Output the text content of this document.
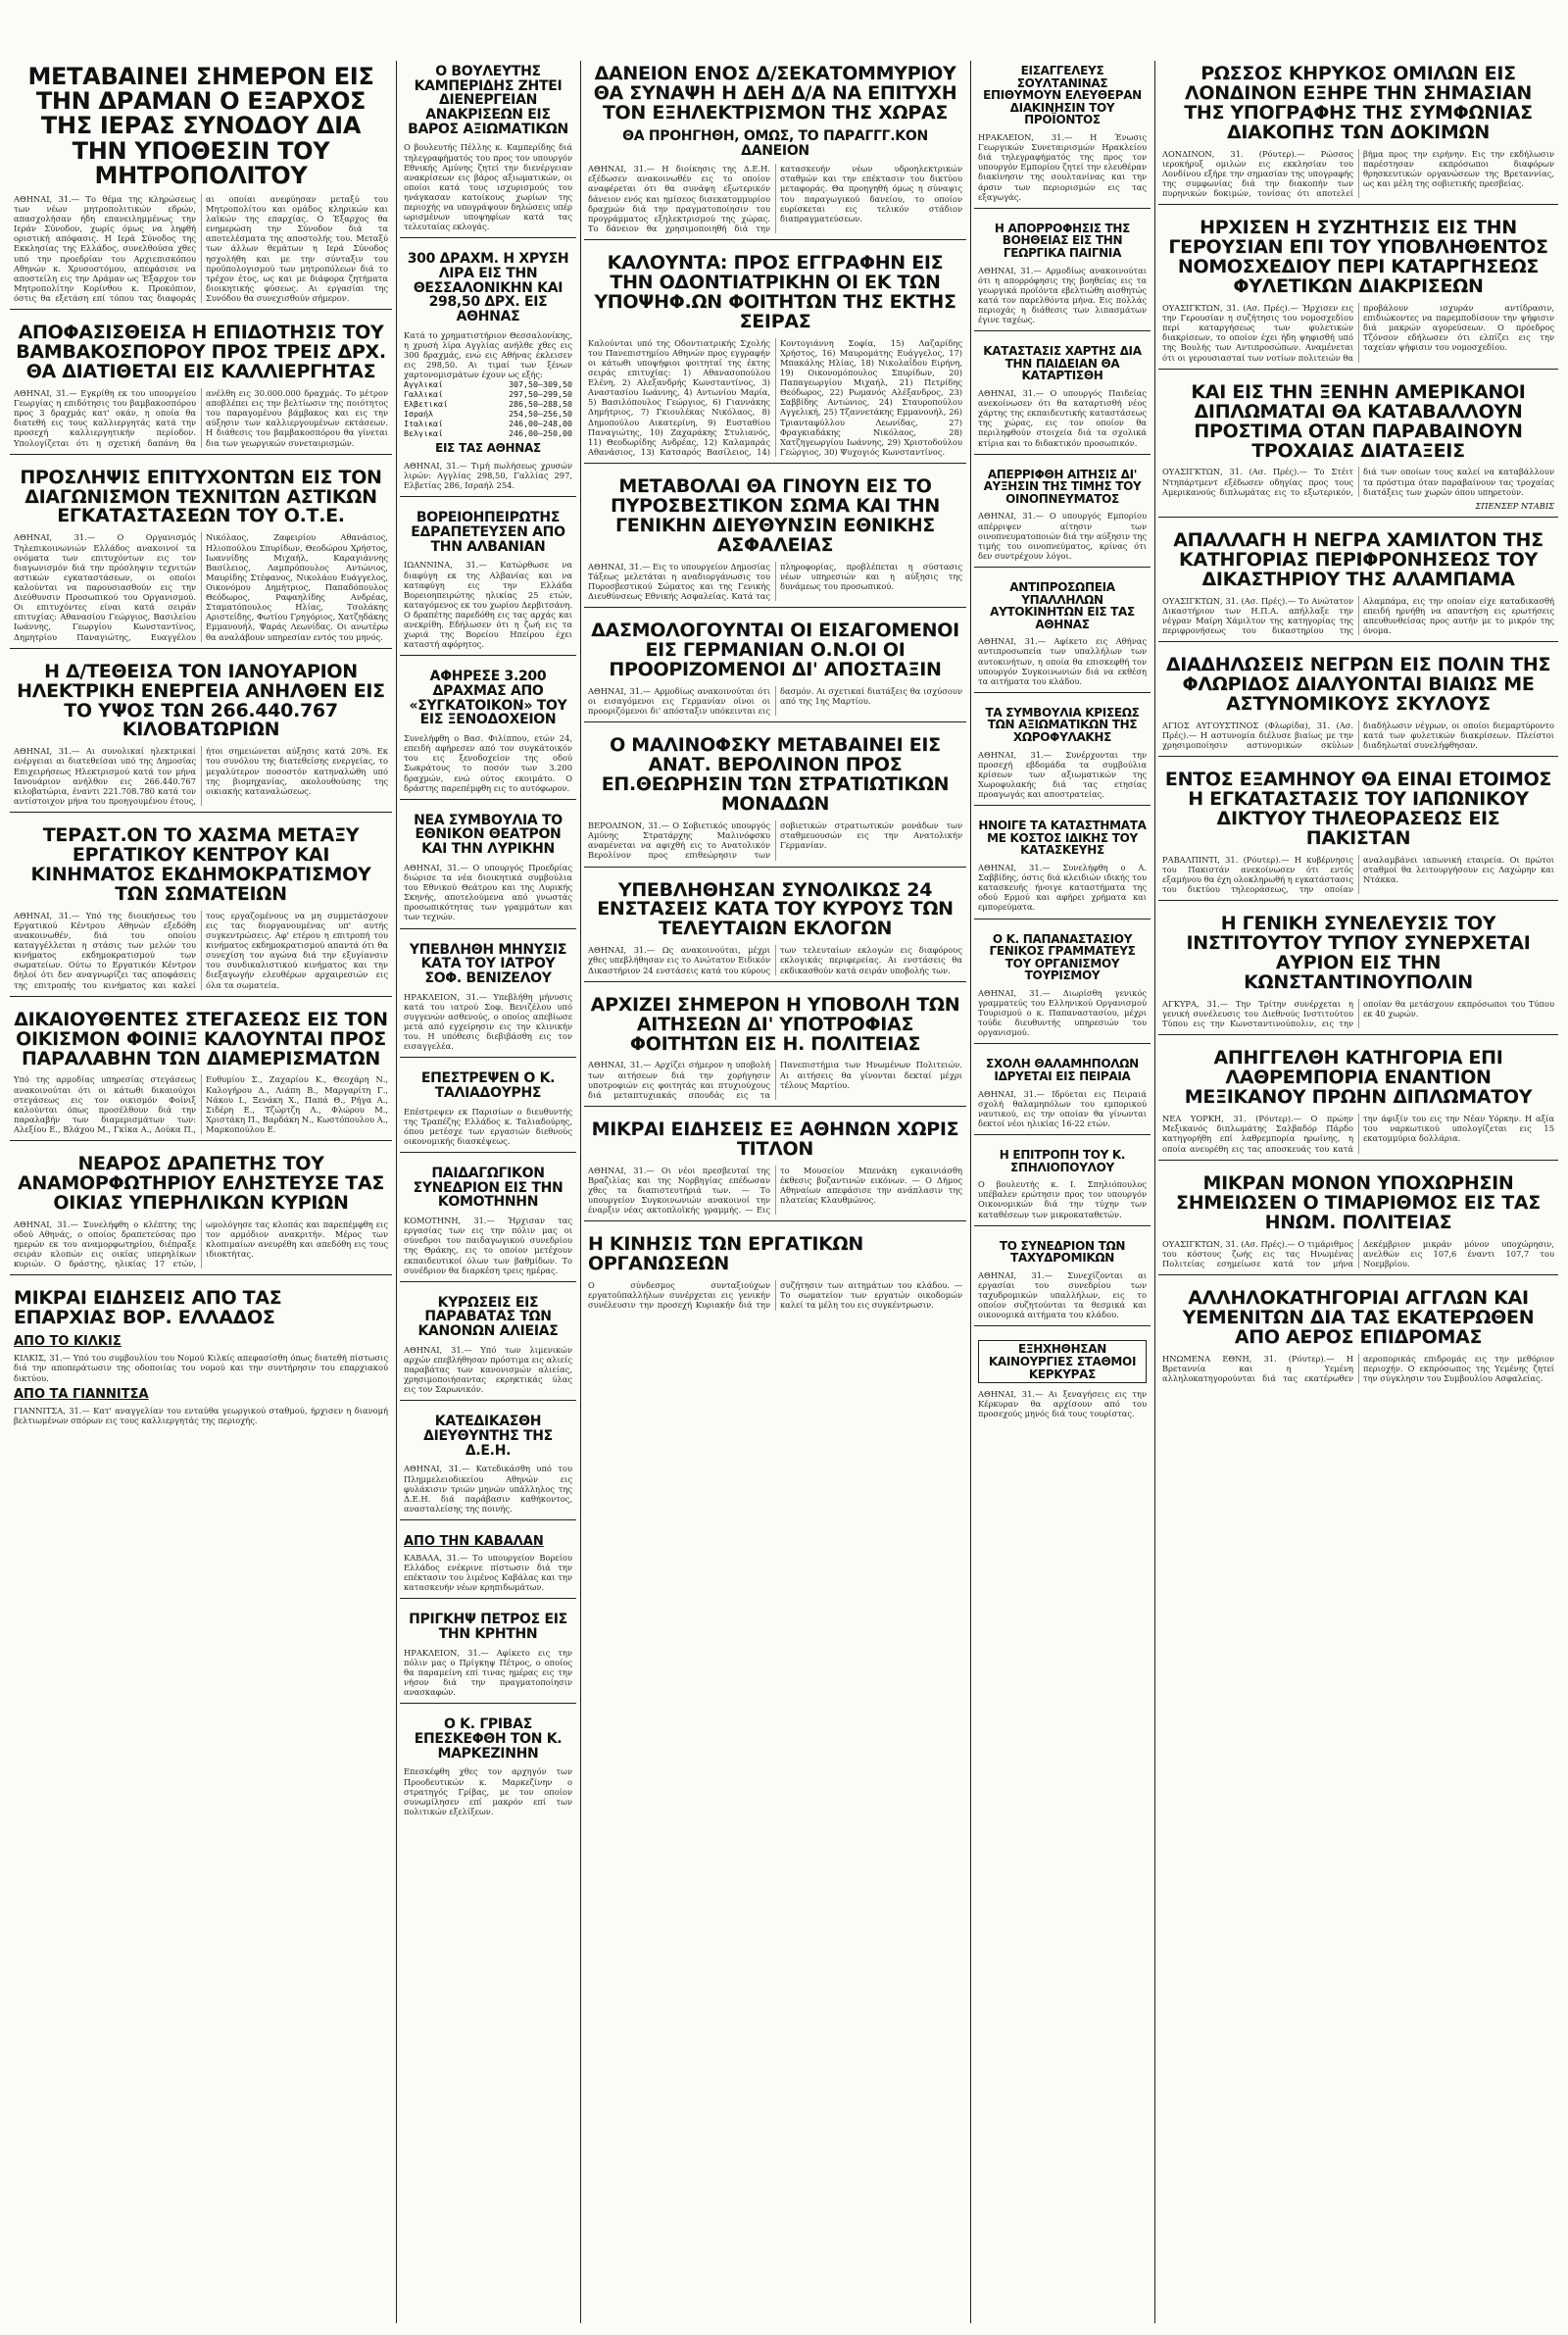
ΜΕΤΑΒΑΙΝΕΙ ΣΗΜΕΡΟΝ ΕΙΣ ΤΗΝ ΔΡΑΜΑΝ Ο ΕΞΑΡΧΟΣ ΤΗΣ ΙΕΡΑΣ ΣΥΝΟΔΟΥ ΔΙΑ ΤΗΝ ΥΠΟΘΕΣΙΝ ΤΟΥ ΜΗΤΡΟΠΟΛΙΤΟΥ

ΑΘΗΝΑΙ, 31.— Το θέμα της κληρώσεως των νέων μητροπολιτικών εδρών, απασχολήσαν ήδη επανειλημμένως την Ιεράν Σύνοδον, χωρίς όμως να ληφθή οριστική απόφασις. Η Ιερά Σύνοδος της Εκκλησίας της Ελλάδος, συνελθούσα χθες υπό την προεδρίαν του Αρχιεπισκόπου Αθηνών κ. Χρυσοστόμου, απεφάσισε να αποστείλη εις την Δράμαν ως Έξαρχον τον Μητροπολίτην Κορίνθου κ. Προκόπιον, όστις θα εξετάση επί τόπου τας διαφοράς αι οποίαι ανεφύησαν μεταξύ του Μητροπολίτου και ομάδος κληρικών και λαϊκών της επαρχίας. Ο Έξαρχος θα ενημερώση την Σύνοδον διά τα αποτελέσματα της αποστολής του. Μεταξύ των άλλων θεμάτων η Ιερά Σύνοδος ησχολήθη και με την σύνταξιν του προϋπολογισμού των μητροπόλεων διά το τρέχον έτος, ως και με διάφορα ζητήματα διοικητικής φύσεως. Αι εργασίαι της Συνόδου θα συνεχισθούν σήμερον.

ΑΠΟΦΑΣΙΣΘΕΙΣΑ Η ΕΠΙΔΟΤΗΣΙΣ ΤΟΥ ΒΑΜΒΑΚΟΣΠΟΡΟΥ ΠΡΟΣ ΤΡΕΙΣ ΔΡΧ. ΘΑ ΔΙΑΤΙΘΕΤΑΙ ΕΙΣ ΚΑΛΛΙΕΡΓΗΤΑΣ

ΑΘΗΝΑΙ, 31.— Εγκρίθη εκ του υπουργείου Γεωργίας η επιδότησις του βαμβακοσπόρου προς 3 δραχμάς κατ' οκάν, η οποία θα διατεθή εις τους καλλιεργητάς κατά την προσεχή καλλιεργητικήν περίοδον. Υπολογίζεται ότι η σχετική δαπάνη θα ανέλθη εις 30.000.000 δραχμάς. Το μέτρον αποβλέπει εις την βελτίωσιν της ποιότητος του παραγομένου βάμβακος και εις την αύξησιν των καλλιεργουμένων εκτάσεων. Η διάθεσις του βαμβακοσπόρου θα γίνεται δια των γεωργικών συνεταιρισμών.

ΠΡΟΣΛΗΨΙΣ ΕΠΙΤΥΧΟΝΤΩΝ ΕΙΣ ΤΟΝ ΔΙΑΓΩΝΙΣΜΟΝ ΤΕΧΝΙΤΩΝ ΑΣΤΙΚΩΝ ΕΓΚΑΤΑΣΤΑΣΕΩΝ ΤΟΥ Ο.Τ.Ε.

ΑΘΗΝΑΙ, 31.— Ο Οργανισμός Τηλεπικοινωνιών Ελλάδος ανακοινοί τα ονόματα των επιτυχόντων εις τον διαγωνισμόν διά την πρόσληψιν τεχνιτών αστικών εγκαταστάσεων, οι οποίοι καλούνται να παρουσιασθούν εις την Διεύθυνσιν Προσωπικού του Οργανισμού. Οι επιτυχόντες είναι κατά σειράν επιτυχίας: Αθανασίου Γεώργιος, Βασιλείου Ιωάννης, Γεωργίου Κωνσταντίνος, Δημητρίου Παναγιώτης, Ευαγγέλου Νικόλαος, Ζαφειρίου Αθανάσιος, Ηλιοπούλου Σπυρίδων, Θεοδώρου Χρήστος, Ιωαννίδης Μιχαήλ, Καραγιάννης Βασίλειος, Λαμπρόπουλος Αντώνιος, Μαυρίδης Στέφανος, Νικολάου Ευάγγελος, Οικονόμου Δημήτριος, Παπαδόπουλος Θεόδωρος, Ραφαηλίδης Ανδρέας, Σταματόπουλος Ηλίας, Τσολάκης Αριστείδης, Φωτίου Γρηγόριος, Χατζηδάκης Εμμανουήλ, Ψαράς Λεωνίδας. Οι ανωτέρω θα αναλάβουν υπηρεσίαν εντός του μηνός.

Η Δ/ΤΕΘΕΙΣΑ ΤΟΝ ΙΑΝΟΥΑΡΙΟΝ ΗΛΕΚΤΡΙΚΗ ΕΝΕΡΓΕΙΑ ΑΝΗΛΘΕΝ ΕΙΣ ΤΟ ΥΨΟΣ ΤΩΝ 266.440.767 ΚΙΛΟΒΑΤΩΡΙΩΝ

ΑΘΗΝΑΙ, 31.— Αι συνολικαί ηλεκτρικαί ενέργειαι αι διατεθείσαι υπό της Δημοσίας Επιχειρήσεως Ηλεκτρισμού κατά τον μήνα Ιανουάριον ανήλθον εις 266.440.767 κιλοβατώρια, έναντι 221.708.780 κατά τον αντίστοιχον μήνα του προηγουμένου έτους, ήτοι σημειώνεται αύξησις κατά 20%. Εκ του συνόλου της διατεθείσης ενεργείας, το μεγαλύτερον ποσοστόν κατηναλώθη υπό της βιομηχανίας, ακολουθούσης της οικιακής καταναλώσεως.

ΤΕΡΑΣΤ.ΟΝ ΤΟ ΧΑΣΜΑ ΜΕΤΑΞΥ ΕΡΓΑΤΙΚΟΥ ΚΕΝΤΡΟΥ ΚΑΙ ΚΙΝΗΜΑΤΟΣ ΕΚΔΗΜΟΚΡΑΤΙΣΜΟΥ ΤΩΝ ΣΩΜΑΤΕΙΩΝ

ΑΘΗΝΑΙ, 31.— Υπό της διοικήσεως του Εργατικού Κέντρου Αθηνών εξεδόθη ανακοινωθέν, διά του οποίου καταγγέλλεται η στάσις των μελών του κινήματος εκδημοκρατισμού των σωματείων. Ούτω το Εργατικόν Κέντρον δηλοί ότι δεν αναγνωρίζει τας αποφάσεις της επιτροπής του κινήματος και καλεί τους εργαζομένους να μη συμμετάσχουν εις τας διοργανουμένας υπ' αυτής συγκεντρώσεις. Αφ' ετέρου η επιτροπή του κινήματος εκδημοκρατισμού απαντά ότι θα συνεχίση τον αγώνα διά την εξυγίανσιν του συνδικαλιστικού κινήματος και την διεξαγωγήν ελευθέρων αρχαιρεσιών εις όλα τα σωματεία.

ΔΙΚΑΙΟΥΘΕΝΤΕΣ ΣΤΕΓΑΣΕΩΣ ΕΙΣ ΤΟΝ ΟΙΚΙΣΜΟΝ ΦΟΙΝΙΞ ΚΑΛΟΥΝΤΑΙ ΠΡΟΣ ΠΑΡΑΛΑΒΗΝ ΤΩΝ ΔΙΑΜΕΡΙΣΜΑΤΩΝ

Υπό της αρμοδίας υπηρεσίας στεγάσεως ανακοινούται ότι οι κάτωθι δικαιούχοι στεγάσεως εις τον οικισμόν Φοίνιξ καλούνται όπως προσέλθουν διά την παραλαβήν των διαμερισμάτων των: Αλεξίου Ε., Βλάχου Μ., Γκίκα Α., Δούκα Π., Ευθυμίου Σ., Ζαχαρίου Κ., Θεοχάρη Ν., Καλογήρου Δ., Λιάπη Β., Μαργαρίτη Γ., Νάκου Ι., Ξενάκη Χ., Παπά Θ., Ρήγα Α., Σιδέρη Ε., Τζώρτζη Λ., Φλώρου Μ., Χριστάκη Π., Βαρδάκη Ν., Κωστόπουλου Α., Μαρκοπούλου Ε.

ΝΕΑΡΟΣ ΔΡΑΠΕΤΗΣ ΤΟΥ ΑΝΑΜΟΡΦΩΤΗΡΙΟΥ ΕΛΗΣΤΕΥΣΕ ΤΑΣ ΟΙΚΙΑΣ ΥΠΕΡΗΛΙΚΩΝ ΚΥΡΙΩΝ

ΑΘΗΝΑΙ, 31.— Συνελήφθη ο κλέπτης της οδού Αθηνάς, ο οποίος δραπετεύσας προ ημερών εκ του αναμορφωτηρίου, διέπραξε σειράν κλοπών εις οικίας υπερηλίκων κυριών. Ο δράστης, ηλικίας 17 ετών, ωμολόγησε τας κλοπάς και παρεπέμφθη εις τον αρμόδιον ανακριτήν. Μέρος των κλοπιμαίων ανευρέθη και απεδόθη εις τους ιδιοκτήτας.

ΜΙΚΡΑΙ ΕΙΔΗΣΕΙΣ ΑΠΟ ΤΑΣ ΕΠΑΡΧΙΑΣ ΒΟΡ. ΕΛΛΑΔΟΣ
ΑΠΟ ΤΟ ΚΙΛΚΙΣ

ΚΙΛΚΙΣ, 31.— Υπό του συμβουλίου του Νομού Κιλκίς απεφασίσθη όπως διατεθή πίστωσις διά την αποπεράτωσιν της οδοποιίας του νομού και την συντήρησιν του επαρχιακού δικτύου.

ΑΠΟ ΤΑ ΓΙΑΝΝΙΤΣΑ

ΓΙΑΝΝΙΤΣΑ, 31.— Κατ' αναγγελίαν του ενταύθα γεωργικού σταθμού, ήρχισεν η διανομή βελτιωμένων σπόρων εις τους καλλιεργητάς της περιοχής.

Ο ΒΟΥΛΕΥΤΗΣ ΚΑΜΠΕΡΙΔΗΣ ΖΗΤΕΙ ΔΙΕΝΕΡΓΕΙΑΝ ΑΝΑΚΡΙΣΕΩΝ ΕΙΣ ΒΑΡΟΣ ΑΞΙΩΜΑΤΙΚΩΝ

Ο βουλευτής Πέλλης κ. Καμπερίδης διά τηλεγραφήματός του προς τον υπουργόν Εθνικής Αμύνης ζητεί την διενέργειαν ανακρίσεων εις βάρος αξιωματικών, οι οποίοι κατά τους ισχυρισμούς του ηνάγκασαν κατοίκους χωρίων της περιοχής να υπογράψουν δηλώσεις υπέρ ωρισμένων υποψηφίων κατά τας τελευταίας εκλογάς.

300 ΔΡΑΧΜ. Η ΧΡΥΣΗ ΛΙΡΑ ΕΙΣ ΤΗΝ ΘΕΣΣΑΛΟΝΙΚΗΝ ΚΑΙ 298,50 ΔΡΧ. ΕΙΣ ΑΘΗΝΑΣ

Κατά το χρηματιστήριον Θεσσαλονίκης, η χρυσή λίρα Αγγλίας ανήλθε χθες εις 300 δραχμάς, ενώ εις Αθήνας έκλεισεν εις 298,50. Αι τιμαί των ξένων χαρτονομισμάτων έχουν ως εξής:

Αγγλικαί	307,50—309,50
Γαλλικαί	297,50—299,50
Ελβετικαί	286,50—288,50
Ισραήλ	254,50—256,50
Ιταλικαί	246,00—248,00
Βελγικαί	246,00—250,00
ΕΙΣ ΤΑΣ ΑΘΗΝΑΣ

ΑΘΗΝΑΙ, 31.— Τιμή πωλήσεως χρυσών λιρών: Αγγλίας 298,50, Γαλλίας 297, Ελβετίας 286, Ισραήλ 254.

ΒΟΡΕΙΟΗΠΕΙΡΩΤΗΣ ΕΔΡΑΠΕΤΕΥΣΕΝ ΑΠΟ ΤΗΝ ΑΛΒΑΝΙΑΝ

ΙΩΑΝΝΙΝΑ, 31.— Κατώρθωσε να διαφύγη εκ της Αλβανίας και να καταφύγη εις την Ελλάδα Βορειοηπειρώτης ηλικίας 25 ετών, καταγόμενος εκ του χωρίου Δερβιτσάνη. Ο δραπέτης παρεδόθη εις τας αρχάς και ανεκρίθη. Εδήλωσεν ότι η ζωή εις τα χωριά της Βορείου Ηπείρου έχει καταστή αφόρητος.

ΑΦΗΡΕΣΕ 3.200 ΔΡΑΧΜΑΣ ΑΠΟ «ΣΥΓΚΑΤΟΙΚΟΝ» ΤΟΥ ΕΙΣ ΞΕΝΟΔΟΧΕΙΟΝ

Συνελήφθη ο Βασ. Φιλίππου, ετών 24, επειδή αφήρεσεν από τον συγκάτοικόν του εις ξενοδοχείον της οδού Σωκράτους το ποσόν των 3.200 δραχμών, ενώ ούτος εκοιμάτο. Ο δράστης παρεπέμφθη εις το αυτόφωρον.

ΝΕΑ ΣΥΜΒΟΥΛΙΑ ΤΟ ΕΘΝΙΚΟΝ ΘΕΑΤΡΟΝ ΚΑΙ ΤΗΝ ΛΥΡΙΚΗΝ

ΑΘΗΝΑΙ, 31.— Ο υπουργός Προεδρίας διώρισε τα νέα διοικητικά συμβούλια του Εθνικού Θεάτρου και της Λυρικής Σκηνής, αποτελούμενα από γνωστάς προσωπικότητας των γραμμάτων και των τεχνών.

ΥΠΕΒΛΗΘΗ ΜΗΝΥΣΙΣ ΚΑΤΑ ΤΟΥ ΙΑΤΡΟΥ ΣΟΦ. ΒΕΝΙΖΕΛΟΥ

ΗΡΑΚΛΕΙΟΝ, 31.— Υπεβλήθη μήνυσις κατά του ιατρού Σοφ. Βενιζέλου υπό συγγενών ασθενούς, ο οποίος απεβίωσε μετά από εγχείρησιν εις την κλινικήν του. Η υπόθεσις διεβιβάσθη εις τον εισαγγελέα.

ΕΠΕΣΤΡΕΨΕΝ Ο Κ. ΤΑΛΙΑΔΟΥΡΗΣ

Επέστρεψεν εκ Παρισίων ο διευθυντής της Τραπέζης Ελλάδος κ. Ταλιαδούρης, όπου μετέσχε των εργασιών διεθνούς οικονομικής διασκέψεως.

ΠΑΙΔΑΓΩΓΙΚΟΝ ΣΥΝΕΔΡΙΟΝ ΕΙΣ ΤΗΝ ΚΟΜΟΤΗΝΗΝ

ΚΟΜΟΤΗΝΗ, 31.— Ήρχισαν τας εργασίας των εις την πόλιν μας οι σύνεδροι του παιδαγωγικού συνεδρίου της Θράκης, εις το οποίον μετέχουν εκπαιδευτικοί όλων των βαθμίδων. Το συνέδριον θα διαρκέση τρεις ημέρας.

ΚΥΡΩΣΕΙΣ ΕΙΣ ΠΑΡΑΒΑΤΑΣ ΤΩΝ ΚΑΝΟΝΩΝ ΑΛΙΕΙΑΣ

ΑΘΗΝΑΙ, 31.— Υπό των λιμενικών αρχών επεβλήθησαν πρόστιμα εις αλιείς παραβάτας των κανονισμών αλιείας, χρησιμοποιήσαντας εκρηκτικάς ύλας εις τον Σαρωνικόν.

ΚΑΤΕΔΙΚΑΣΘΗ ΔΙΕΥΘΥΝΤΗΣ ΤΗΣ Δ.Ε.Η.

ΑΘΗΝΑΙ, 31.— Κατεδικάσθη υπό του Πλημμελειοδικείου Αθηνών εις φυλάκισιν τριών μηνών υπάλληλος της Δ.Ε.Η. διά παράβασιν καθήκοντος, ανασταλείσης της ποινής.

ΑΠΟ ΤΗΝ ΚΑΒΑΛΑΝ

ΚΑΒΑΛΑ, 31.— Το υπουργείον Βορείου Ελλάδος ενέκρινε πίστωσιν διά την επέκτασιν του λιμένος Καβάλας και την κατασκευήν νέων κρηπιδωμάτων.

ΠΡΙΓΚΗΨ ΠΕΤΡΟΣ ΕΙΣ ΤΗΝ ΚΡΗΤΗΝ

ΗΡΑΚΛΕΙΟΝ, 31.— Αφίκετο εις την πόλιν μας ο Πρίγκηψ Πέτρος, ο οποίος θα παραμείνη επί τινας ημέρας εις την νήσον διά την πραγματοποίησιν ανασκαφών.

Ο Κ. ΓΡΙΒΑΣ ΕΠΕΣΚΕΦΘΗ ΤΟΝ Κ. ΜΑΡΚΕΖΙΝΗΝ

Επεσκέφθη χθες τον αρχηγόν των Προοδευτικών κ. Μαρκεζίνην ο στρατηγός Γρίβας, με τον οποίον συνωμίλησεν επί μακρόν επί των πολιτικών εξελίξεων.

ΔΑΝΕΙΟΝ ΕΝΟΣ Δ/ΣΕΚΑΤΟΜΜΥΡΙΟΥ ΘΑ ΣΥΝΑΨΗ Η ΔΕΗ Δ/Α ΝΑ ΕΠΙΤΥΧΗ ΤΟΝ ΕΞΗΛΕΚΤΡΙΣΜΟΝ ΤΗΣ ΧΩΡΑΣ
ΘΑ ΠΡΟΗΓΗΘΗ, ΟΜΩΣ, ΤΟ ΠΑΡΑΓΓΓ.ΚΟΝ ΔΑΝΕΙΟΝ

ΑΘΗΝΑΙ, 31.— Η διοίκησις της Δ.Ε.Η. εξέδωσεν ανακοινωθέν εις το οποίον αναφέρεται ότι θα συνάψη εξωτερικόν δάνειον ενός και ημίσεος δισεκατομμυρίου δραχμών διά την πραγματοποίησιν του προγράμματος εξηλεκτρισμού της χώρας. Το δάνειον θα χρησιμοποιηθή διά την κατασκευήν νέων υδροηλεκτρικών σταθμών και την επέκτασιν του δικτύου μεταφοράς. Θα προηγηθή όμως η σύναψις του παραγωγικού δανείου, το οποίον ευρίσκεται εις τελικόν στάδιον διαπραγματεύσεων.

ΚΑΛΟΥΝΤΑ: ΠΡΟΣ ΕΓΓΡΑΦΗΝ ΕΙΣ ΤΗΝ ΟΔΟΝΤΙΑΤΡΙΚΗΝ ΟΙ ΕΚ ΤΩΝ ΥΠΟΨΗΦ.ΩΝ ΦΟΙΤΗΤΩΝ ΤΗΣ ΕΚΤΗΣ ΣΕΙΡΑΣ

Καλούνται υπό της Οδοντιατρικής Σχολής του Πανεπιστημίου Αθηνών προς εγγραφήν οι κάτωθι υποψήφιοι φοιτηταί της έκτης σειράς επιτυχίας: 1) Αθανασοπούλου Ελένη, 2) Αλεξανδρής Κωνσταντίνος, 3) Αναστασίου Ιωάννης, 4) Αντωνίου Μαρία, 5) Βασιλόπουλος Γεώργιος, 6) Γιαννάκης Δημήτριος, 7) Γκιουλέκας Νικόλαος, 8) Δημοπούλου Αικατερίνη, 9) Ευσταθίου Παναγιώτης, 10) Ζαχαράκης Στυλιανός, 11) Θεοδωρίδης Ανδρέας, 12) Καλαμαράς Αθανάσιος, 13) Κατσαρός Βασίλειος, 14) Κοντογιάννη Σοφία, 15) Λαζαρίδης Χρήστος, 16) Μαυρομάτης Ευάγγελος, 17) Μπακάλης Ηλίας, 18) Νικολαΐδου Ειρήνη, 19) Οικονομόπουλος Σπυρίδων, 20) Παπαγεωργίου Μιχαήλ, 21) Πετρίδης Θεόδωρος, 22) Ρωμανός Αλέξανδρος, 23) Σαββίδης Αντώνιος, 24) Σταυροπούλου Αγγελική, 25) Τζαννετάκης Εμμανουήλ, 26) Τριανταφύλλου Λεωνίδας, 27) Φραγκιαδάκης Νικόλαος, 28) Χατζηγεωργίου Ιωάννης, 29) Χριστοδούλου Γεώργιος, 30) Ψυχογιός Κωνσταντίνος.

ΜΕΤΑΒΟΛΑΙ ΘΑ ΓΙΝΟΥΝ ΕΙΣ ΤΟ ΠΥΡΟΣΒΕΣΤΙΚΟΝ ΣΩΜΑ ΚΑΙ ΤΗΝ ΓΕΝΙΚΗΝ ΔΙΕΥΘΥΝΣΙΝ ΕΘΝΙΚΗΣ ΑΣΦΑΛΕΙΑΣ

ΑΘΗΝΑΙ, 31.— Εις το υπουργείον Δημοσίας Τάξεως μελετάται η αναδιοργάνωσις του Πυροσβεστικού Σώματος και της Γενικής Διευθύνσεως Εθνικής Ασφαλείας. Κατά τας πληροφορίας, προβλέπεται η σύστασις νέων υπηρεσιών και η αύξησις της δυνάμεως του προσωπικού.

ΔΑΣΜΟΛΟΓΟΥΝΤΑΙ ΟΙ ΕΙΣΑΓΟΜΕΝΟΙ ΕΙΣ ΓΕΡΜΑΝΙΑΝ Ο.Ν.ΟΙ ΟΙ ΠΡΟΟΡΙΖΟΜΕΝΟΙ ΔΙ' ΑΠΟΣΤΑΞΙΝ

ΑΘΗΝΑΙ, 31.— Αρμοδίως ανακοινούται ότι οι εισαγόμενοι εις Γερμανίαν οίνοι οι προοριζόμενοι δι' απόσταξιν υπόκεινται εις δασμόν. Αι σχετικαί διατάξεις θα ισχύσουν από της 1ης Μαρτίου.

Ο ΜΑΛΙΝΟΦΣΚΥ ΜΕΤΑΒΑΙΝΕΙ ΕΙΣ ΑΝΑΤ. ΒΕΡΟΛΙΝΟΝ ΠΡΟΣ ΕΠ.ΘΕΩΡΗΣΙΝ ΤΩΝ ΣΤΡΑΤΙΩΤΙΚΩΝ ΜΟΝΑΔΩΝ

ΒΕΡΟΛΙΝΟΝ, 31.— Ο Σοβιετικός υπουργός Αμύνης Στρατάρχης Μαλινόφσκυ αναμένεται να αφιχθή εις το Ανατολικόν Βερολίνον προς επιθεώρησιν των σοβιετικών στρατιωτικών μονάδων των σταθμευουσών εις την Ανατολικήν Γερμανίαν.

ΥΠΕΒΛΗΘΗΣΑΝ ΣΥΝΟΛΙΚΩΣ 24 ΕΝΣΤΑΣΕΙΣ ΚΑΤΑ ΤΟΥ ΚΥΡΟΥΣ ΤΩΝ ΤΕΛΕΥΤΑΙΩΝ ΕΚΛΟΓΩΝ

ΑΘΗΝΑΙ, 31.— Ως ανακοινούται, μέχρι χθες υπεβλήθησαν εις το Ανώτατον Ειδικόν Δικαστήριον 24 ενστάσεις κατά του κύρους των τελευταίων εκλογών εις διαφόρους εκλογικάς περιφερείας. Αι ενστάσεις θα εκδικασθούν κατά σειράν υποβολής των.

ΑΡΧΙΖΕΙ ΣΗΜΕΡΟΝ Η ΥΠΟΒΟΛΗ ΤΩΝ ΑΙΤΗΣΕΩΝ ΔΙ' ΥΠΟΤΡΟΦΙΑΣ ΦΟΙΤΗΤΩΝ ΕΙΣ Η. ΠΟΛΙΤΕΙΑΣ

ΑΘΗΝΑΙ, 31.— Αρχίζει σήμερον η υποβολή των αιτήσεων διά την χορήγησιν υποτροφιών εις φοιτητάς και πτυχιούχους διά μεταπτυχιακάς σπουδάς εις τα Πανεπιστήμια των Ηνωμένων Πολιτειών. Αι αιτήσεις θα γίνονται δεκταί μέχρι τέλους Μαρτίου.

ΜΙΚΡΑΙ ΕΙΔΗΣΕΙΣ ΕΞ ΑΘΗΝΩΝ ΧΩΡΙΣ ΤΙΤΛΟΝ

ΑΘΗΝΑΙ, 31.— Οι νέοι πρεσβευταί της Βραζιλίας και της Νορβηγίας επέδωσαν χθες τα διαπιστευτήριά των. — Το υπουργείον Συγκοινωνιών ανακοινοί την έναρξιν νέας ακτοπλοϊκής γραμμής. — Εις το Μουσείον Μπενάκη εγκαινιάσθη έκθεσις βυζαντινών εικόνων. — Ο Δήμος Αθηναίων απεφάσισε την ανάπλασιν της πλατείας Κλαυθμώνος.

Η ΚΙΝΗΣΙΣ ΤΩΝ ΕΡΓΑΤΙΚΩΝ ΟΡΓΑΝΩΣΕΩΝ

Ο σύνδεσμος συνταξιούχων εργατοϋπαλλήλων συνέρχεται εις γενικήν συνέλευσιν την προσεχή Κυριακήν διά την συζήτησιν των αιτημάτων του κλάδου. — Το σωματείον των εργατών οικοδομών καλεί τα μέλη του εις συγκέντρωσιν.

ΕΙΣΑΓΓΕΛΕΥΣ ΣΟΥΛΤΑΝΙΝΑΣ ΕΠΙΘΥΜΟΥΝ ΕΛΕΥΘΕΡΑΝ ΔΙΑΚΙΝΗΣΙΝ ΤΟΥ ΠΡΟΪΟΝΤΟΣ

ΗΡΑΚΛΕΙΟΝ, 31.— Η Ένωσις Γεωργικών Συνεταιρισμών Ηρακλείου διά τηλεγραφήματός της προς τον υπουργόν Εμπορίου ζητεί την ελευθέραν διακίνησιν της σουλτανίνας και την άρσιν των περιορισμών εις τας εξαγωγάς.

Η ΑΠΟΡΡΟΦΗΣΙΣ ΤΗΣ ΒΟΗΘΕΙΑΣ ΕΙΣ ΤΗΝ ΓΕΩΡΓΙΚΑ ΠΑΙΓΝΙΑ

ΑΘΗΝΑΙ, 31.— Αρμοδίως ανακοινούται ότι η απορρόφησις της βοηθείας εις τα γεωργικά προϊόντα εβελτιώθη αισθητώς κατά τον παρελθόντα μήνα. Εις πολλάς περιοχάς η διάθεσις των λιπασμάτων έγινε ταχέως.

ΚΑΤΑΣΤΑΣΙΣ ΧΑΡΤΗΣ ΔΙΑ ΤΗΝ ΠΑΙΔΕΙΑΝ ΘΑ ΚΑΤΑΡΤΙΣΘΗ

ΑΘΗΝΑΙ, 31.— Ο υπουργός Παιδείας ανεκοίνωσεν ότι θα καταρτισθή νέος χάρτης της εκπαιδευτικής καταστάσεως της χώρας, εις τον οποίον θα περιληφθούν στοιχεία διά τα σχολικά κτίρια και το διδακτικόν προσωπικόν.

ΑΠΕΡΡΙΦΘΗ ΑΙΤΗΣΙΣ ΔΙ' ΑΥΞΗΣΙΝ ΤΗΣ ΤΙΜΗΣ ΤΟΥ ΟΙΝΟΠΝΕΥΜΑΤΟΣ

ΑΘΗΝΑΙ, 31.— Ο υπουργός Εμπορίου απέρριψεν αίτησιν των οινοπνευματοποιών διά την αύξησιν της τιμής του οινοπνεύματος, κρίνας ότι δεν συντρέχουν λόγοι.

ΑΝΤΙΠΡΟΣΩΠΕΙΑ ΥΠΑΛΛΗΛΩΝ ΑΥΤΟΚΙΝΗΤΩΝ ΕΙΣ ΤΑΣ ΑΘΗΝΑΣ

ΑΘΗΝΑΙ, 31.— Αφίκετο εις Αθήνας αντιπροσωπεία των υπαλλήλων των αυτοκινήτων, η οποία θα επισκεφθή τον υπουργόν Συγκοινωνιών διά να εκθέση τα αιτήματα του κλάδου.

ΤΑ ΣΥΜΒΟΥΛΙΑ ΚΡΙΣΕΩΣ ΤΩΝ ΑΞΙΩΜΑΤΙΚΩΝ ΤΗΣ ΧΩΡΟΦΥΛΑΚΗΣ

ΑΘΗΝΑΙ, 31.— Συνέρχονται την προσεχή εβδομάδα τα συμβούλια κρίσεων των αξιωματικών της Χωροφυλακής διά τας ετησίας προαγωγάς και αποστρατείας.

ΗΝΟΙΓΕ ΤΑ ΚΑΤΑΣΤΗΜΑΤΑ ΜΕ ΚΟΣΤΟΣ ΙΔΙΚΗΣ ΤΟΥ ΚΑΤΑΣΚΕΥΗΣ

ΑΘΗΝΑΙ, 31.— Συνελήφθη ο Α. Σαββίδης, όστις διά κλειδιών ιδικής του κατασκευής ήνοιγε καταστήματα της οδού Ερμού και αφήρει χρήματα και εμπορεύματα.

Ο Κ. ΠΑΠΑΝΑΣΤΑΣΙΟΥ ΓΕΝΙΚΟΣ ΓΡΑΜΜΑΤΕΥΣ ΤΟΥ ΟΡΓΑΝΙΣΜΟΥ ΤΟΥΡΙΣΜΟΥ

ΑΘΗΝΑΙ, 31.— Διωρίσθη γενικός γραμματεύς του Ελληνικού Οργανισμού Τουρισμού ο κ. Παπαναστασίου, μέχρι τούδε διευθυντής υπηρεσιών του οργανισμού.

ΣΧΟΛΗ ΘΑΛΑΜΗΠΟΛΩΝ ΙΔΡΥΕΤΑΙ ΕΙΣ ΠΕΙΡΑΙΑ

ΑΘΗΝΑΙ, 31.— Ιδρύεται εις Πειραιά σχολή θαλαμηπόλων του εμπορικού ναυτικού, εις την οποίαν θα γίνωνται δεκτοί νέοι ηλικίας 16-22 ετών.

Η ΕΠΙΤΡΟΠΗ ΤΟΥ Κ. ΣΠΗΛΙΟΠΟΥΛΟΥ

Ο βουλευτής κ. Ι. Σπηλιόπουλος υπέβαλεν ερώτησιν προς τον υπουργόν Οικονομικών διά την τύχην των καταθέσεων των μικροκαταθετών.

ΤΟ ΣΥΝΕΔΡΙΟΝ ΤΩΝ ΤΑΧΥΔΡΟΜΙΚΩΝ

ΑΘΗΝΑΙ, 31.— Συνεχίζονται αι εργασίαι του συνεδρίου των ταχυδρομικών υπαλλήλων, εις το οποίον συζητούνται τα θεσμικά και οικονομικά αιτήματα του κλάδου.

ΕΞΗΧΗΘΗΣΑΝ ΚΑΙΝΟΥΡΓΙΕΣ ΣΤΑΘΜΟΙ ΚΕΡΚΥΡΑΣ

ΑΘΗΝΑΙ, 31.— Αι ξεναγήσεις εις την Κέρκυραν θα αρχίσουν από του προσεχούς μηνός διά τους τουρίστας.

ΡΩΣΣΟΣ ΚΗΡΥΚΟΣ ΟΜΙΛΩΝ ΕΙΣ ΛΟΝΔΙΝΟΝ ΕΞΗΡΕ ΤΗΝ ΣΗΜΑΣΙΑΝ ΤΗΣ ΥΠΟΓΡΑΦΗΣ ΤΗΣ ΣΥΜΦΩΝΙΑΣ ΔΙΑΚΟΠΗΣ ΤΩΝ ΔΟΚΙΜΩΝ

ΛΟΝΔΙΝΟΝ, 31. (Ρόυτερ).— Ρώσσος ιεροκήρυξ ομιλών εις εκκλησίαν του Λονδίνου εξήρε την σημασίαν της υπογραφής της συμφωνίας διά την διακοπήν των πυρηνικών δοκιμών, τονίσας ότι αποτελεί βήμα προς την ειρήνην. Εις την εκδήλωσιν παρέστησαν εκπρόσωποι διαφόρων θρησκευτικών οργανώσεων της Βρεταννίας, ως και μέλη της σοβιετικής πρεσβείας.

ΗΡΧΙΣΕΝ Η ΣΥΖΗΤΗΣΙΣ ΕΙΣ ΤΗΝ ΓΕΡΟΥΣΙΑΝ ΕΠΙ ΤΟΥ ΥΠΟΒΛΗΘΕΝΤΟΣ ΝΟΜΟΣΧΕΔΙΟΥ ΠΕΡΙ ΚΑΤΑΡΓΗΣΕΩΣ ΦΥΛΕΤΙΚΩΝ ΔΙΑΚΡΙΣΕΩΝ

ΟΥΑΣΙΓΚΤΩΝ, 31. (Ασ. Πρές).— Ήρχισεν εις την Γερουσίαν η συζήτησις του νομοσχεδίου περί καταργήσεως των φυλετικών διακρίσεων, το οποίον έχει ήδη ψηφισθή υπό της Βουλής των Αντιπροσώπων. Αναμένεται ότι οι γερουσιασταί των νοτίων πολιτειών θα προβάλουν ισχυράν αντίδρασιν, επιδιώκοντες να παρεμποδίσουν την ψήφισιν διά μακρών αγορεύσεων. Ο πρόεδρος Τζόνσον εδήλωσεν ότι ελπίζει εις την ταχείαν ψήφισιν του νομοσχεδίου.

ΚΑΙ ΕΙΣ ΤΗΝ ΞΕΝΗΝ ΑΜΕΡΙΚΑΝΟΙ ΔΙΠΛΩΜΑΤΑΙ ΘΑ ΚΑΤΑΒΑΛΛΟΥΝ ΠΡΟΣΤΙΜΑ ΟΤΑΝ ΠΑΡΑΒΑΙΝΟΥΝ ΤΡΟΧΑΙΑΣ ΔΙΑΤΑΞΕΙΣ

ΟΥΑΣΙΓΚΤΩΝ, 31. (Ασ. Πρές).— Το Στέιτ Ντηπάρτμεντ εξέδωσεν οδηγίας προς τους Αμερικανούς διπλωμάτας εις το εξωτερικόν, διά των οποίων τους καλεί να καταβάλλουν τα πρόστιμα όταν παραβαίνουν τας τροχαίας διατάξεις των χωρών όπου υπηρετούν.

ΣΠΕΝΣΕΡ ΝΤΑΒΙΣ
ΑΠΑΛΛΑΓΗ Η ΝΕΓΡΑ ΧΑΜΙΛΤΟΝ ΤΗΣ ΚΑΤΗΓΟΡΙΑΣ ΠΕΡΙΦΡΟΝΗΣΕΩΣ ΤΟΥ ΔΙΚΑΣΤΗΡΙΟΥ ΤΗΣ ΑΛΑΜΠΑΜΑ

ΟΥΑΣΙΓΚΤΩΝ, 31. (Ασ. Πρές).— Το Ανώτατον Δικαστήριον των Η.Π.Α. απήλλαξε την νέγραν Μαίρη Χάμιλτον της κατηγορίας της περιφρονήσεως του δικαστηρίου της Αλαμπάμα, εις την οποίαν είχε καταδικασθή επειδή ηρνήθη να απαντήση εις ερωτήσεις απευθυνθείσας προς αυτήν με το μικρόν της όνομα.

ΔΙΑΔΗΛΩΣΕΙΣ ΝΕΓΡΩΝ ΕΙΣ ΠΟΛΙΝ ΤΗΣ ΦΛΩΡΙΔΟΣ ΔΙΑΛΥΟΝΤΑΙ ΒΙΑΙΩΣ ΜΕ ΑΣΤΥΝΟΜΙΚΟΥΣ ΣΚΥΛΟΥΣ

ΑΓΙΟΣ ΑΥΓΟΥΣΤΙΝΟΣ (Φλωρίδα), 31. (Ασ. Πρές).— Η αστυνομία διέλυσε βιαίως με την χρησιμοποίησιν αστυνομικών σκύλων διαδήλωσιν νέγρων, οι οποίοι διεμαρτύροντο κατά των φυλετικών διακρίσεων. Πλείστοι διαδηλωταί συνελήφθησαν.

ΕΝΤΟΣ ΕΞΑΜΗΝΟΥ ΘΑ ΕΙΝΑΙ ΕΤΟΙΜΟΣ Η ΕΓΚΑΤΑΣΤΑΣΙΣ ΤΟΥ ΙΑΠΩΝΙΚΟΥ ΔΙΚΤΥΟΥ ΤΗΛΕΟΡΑΣΕΩΣ ΕΙΣ ΠΑΚΙΣΤΑΝ

ΡΑΒΑΛΠΙΝΤΙ, 31. (Ρόυτερ).— Η κυβέρνησις του Πακιστάν ανεκοίνωσεν ότι εντός εξαμήνου θα έχη ολοκληρωθή η εγκατάστασις του δικτύου τηλεοράσεως, την οποίαν αναλαμβάνει ιαπωνική εταιρεία. Οι πρώτοι σταθμοί θα λειτουργήσουν εις Λαχώρην και Ντάκκα.

Η ΓΕΝΙΚΗ ΣΥΝΕΛΕΥΣΙΣ ΤΟΥ ΙΝΣΤΙΤΟΥΤΟΥ ΤΥΠΟΥ ΣΥΝΕΡΧΕΤΑΙ ΑΥΡΙΟΝ ΕΙΣ ΤΗΝ ΚΩΝΣΤΑΝΤΙΝΟΥΠΟΛΙΝ

ΑΓΚΥΡΑ, 31.— Την Τρίτην συνέρχεται η γενική συνέλευσις του Διεθνούς Ινστιτούτου Τύπου εις την Κωνσταντινούπολιν, εις την οποίαν θα μετάσχουν εκπρόσωποι του Τύπου εκ 40 χωρών.

ΑΠΗΓΓΕΛΘΗ ΚΑΤΗΓΟΡΙΑ ΕΠΙ ΛΑΘΡΕΜΠΟΡΙΑ ΕΝΑΝΤΙΟΝ ΜΕΞΙΚΑΝΟΥ ΠΡΩΗΝ ΔΙΠΛΩΜΑΤΟΥ

ΝΕΑ ΥΟΡΚΗ, 31. (Ρόυτερ).— Ο πρώην Μεξικανός διπλωμάτης Σαλβαδόρ Πάρδο κατηγορήθη επί λαθρεμπορία ηρωίνης, η οποία ανευρέθη εις τας αποσκευάς του κατά την άφιξίν του εις την Νέαν Υόρκην. Η αξία του ναρκωτικού υπολογίζεται εις 15 εκατομμύρια δολλάρια.

ΜΙΚΡΑΝ ΜΟΝΟΝ ΥΠΟΧΩΡΗΣΙΝ ΣΗΜΕΙΩΣΕΝ Ο ΤΙΜΑΡΙΘΜΟΣ ΕΙΣ ΤΑΣ ΗΝΩΜ. ΠΟΛΙΤΕΙΑΣ

ΟΥΑΣΙΓΚΤΩΝ, 31. (Ασ. Πρές).— Ο τιμάριθμος του κόστους ζωής εις τας Ηνωμένας Πολιτείας εσημείωσε κατά τον μήνα Δεκέμβριον μικράν μόνον υποχώρησιν, ανελθών εις 107,6 έναντι 107,7 του Νοεμβρίου.

ΑΛΛΗΛΟΚΑΤΗΓΟΡΙΑΙ ΑΓΓΛΩΝ ΚΑΙ ΥΕΜΕΝΙΤΩΝ ΔΙΑ ΤΑΣ ΕΚΑΤΕΡΩΘΕΝ ΑΠΟ ΑΕΡΟΣ ΕΠΙΔΡΟΜΑΣ

ΗΝΩΜΕΝΑ ΕΘΝΗ, 31. (Ρόυτερ).— Η Βρεταννία και η Υεμένη αλληλοκατηγορούνται διά τας εκατέρωθεν αεροπορικάς επιδρομάς εις την μεθόριον περιοχήν. Ο εκπρόσωπος της Υεμένης ζητεί την σύγκλησιν του Συμβουλίου Ασφαλείας.
